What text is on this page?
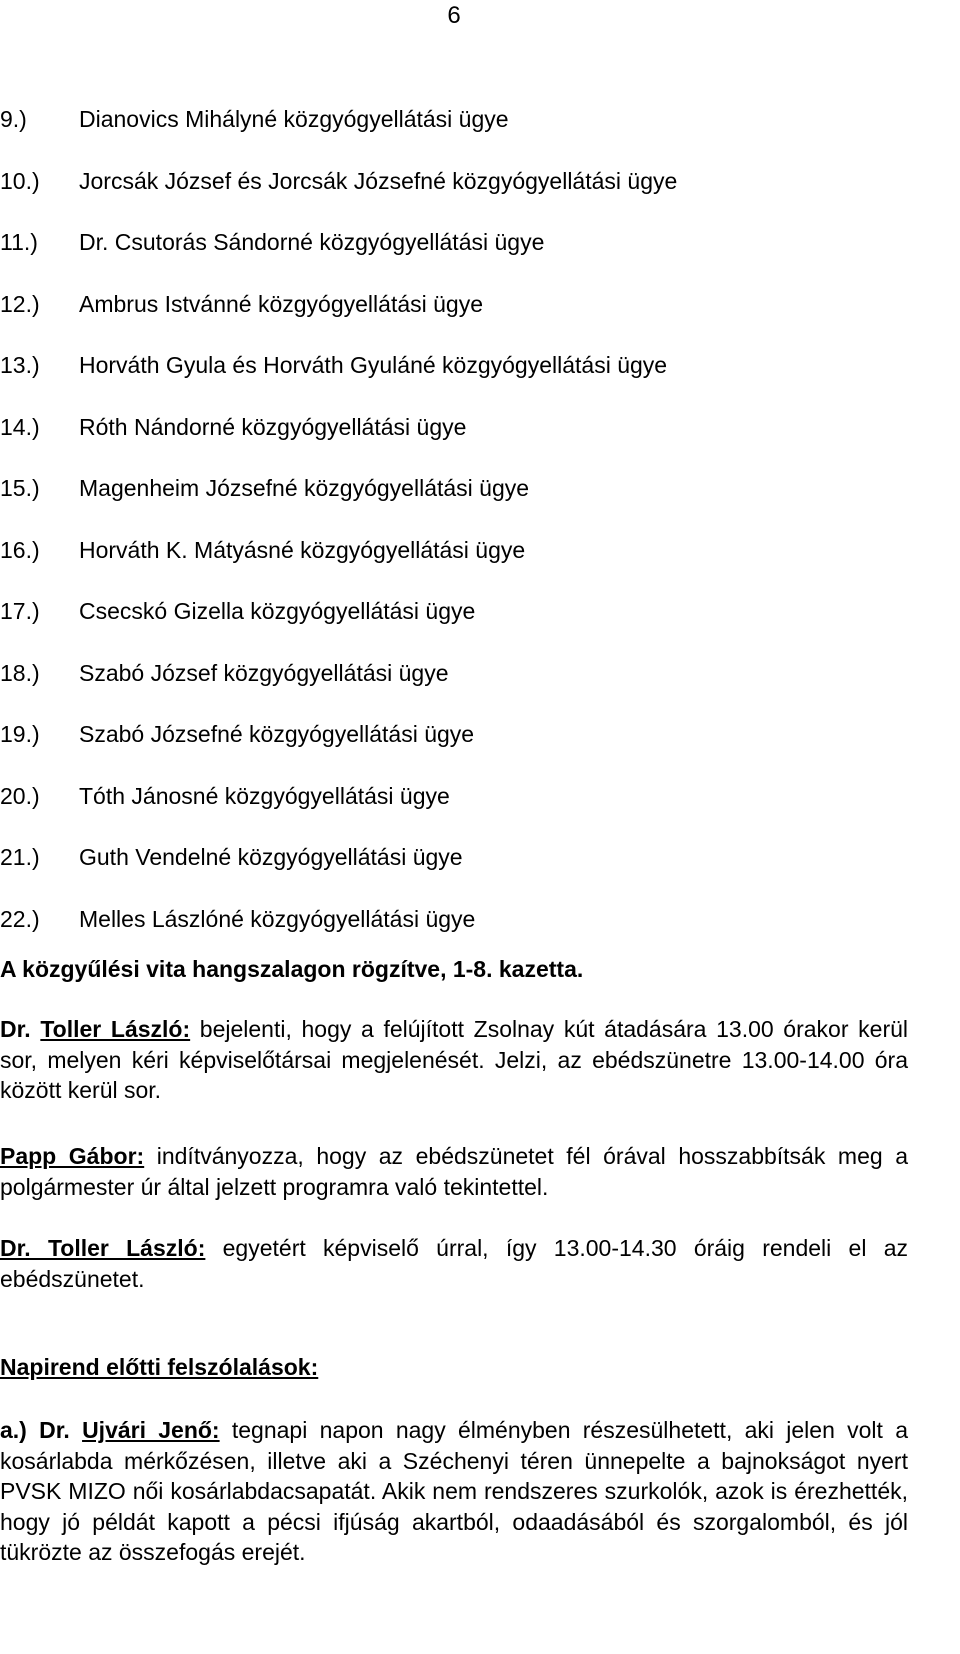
6
9.) Dianovics Mihályné közgyógyellátási ügye
10.) Jorcsák József és Jorcsák Józsefné közgyógyellátási ügye
11.) Dr. Csutorás Sándorné közgyógyellátási ügye
12.) Ambrus Istvánné közgyógyellátási ügye
13.) Horváth Gyula és Horváth Gyuláné közgyógyellátási ügye
14.) Róth Nándorné közgyógyellátási ügye
15.) Magenheim Józsefné közgyógyellátási ügye
16.) Horváth K. Mátyásné közgyógyellátási ügye
17.) Csecskó Gizella közgyógyellátási ügye
18.) Szabó József közgyógyellátási ügye
19.) Szabó Józsefné közgyógyellátási ügye
20.) Tóth Jánosné közgyógyellátási ügye
21.) Guth Vendelné közgyógyellátási ügye
22.) Melles Lászlóné közgyógyellátási ügye
A közgyűlési vita hangszalagon rögzítve, 1-8. kazetta.

Dr. Toller László: bejelenti, hogy a felújított Zsolnay kút átadására 13.00 órakor kerül sor, melyen kéri képviselőtársai megjelenését. Jelzi, az ebédszünetre 13.00-14.00 óra között kerül sor.

Papp Gábor: indítványozza, hogy az ebédszünetet fél órával hosszabbítsák meg a polgármester úr által jelzett programra való tekintettel.

Dr. Toller László: egyetért képviselő úrral, így 13.00-14.30 óráig rendeli el az ebédszünetet.

Napirend előtti felszólalások:

a.) Dr. Ujvári Jenő: tegnapi napon nagy élményben részesülhetett, aki jelen volt a kosárlabda mérkőzésen, illetve aki a Széchenyi téren ünnepelte a bajnokságot nyert PVSK MIZO női kosárlabdacsapatát. Akik nem rendszeres szurkolók, azok is érezhették, hogy jó példát kapott a pécsi ifjúság akartból, odaadásából és szorgalomból, és jól tükrözte az összefogás erejét.
